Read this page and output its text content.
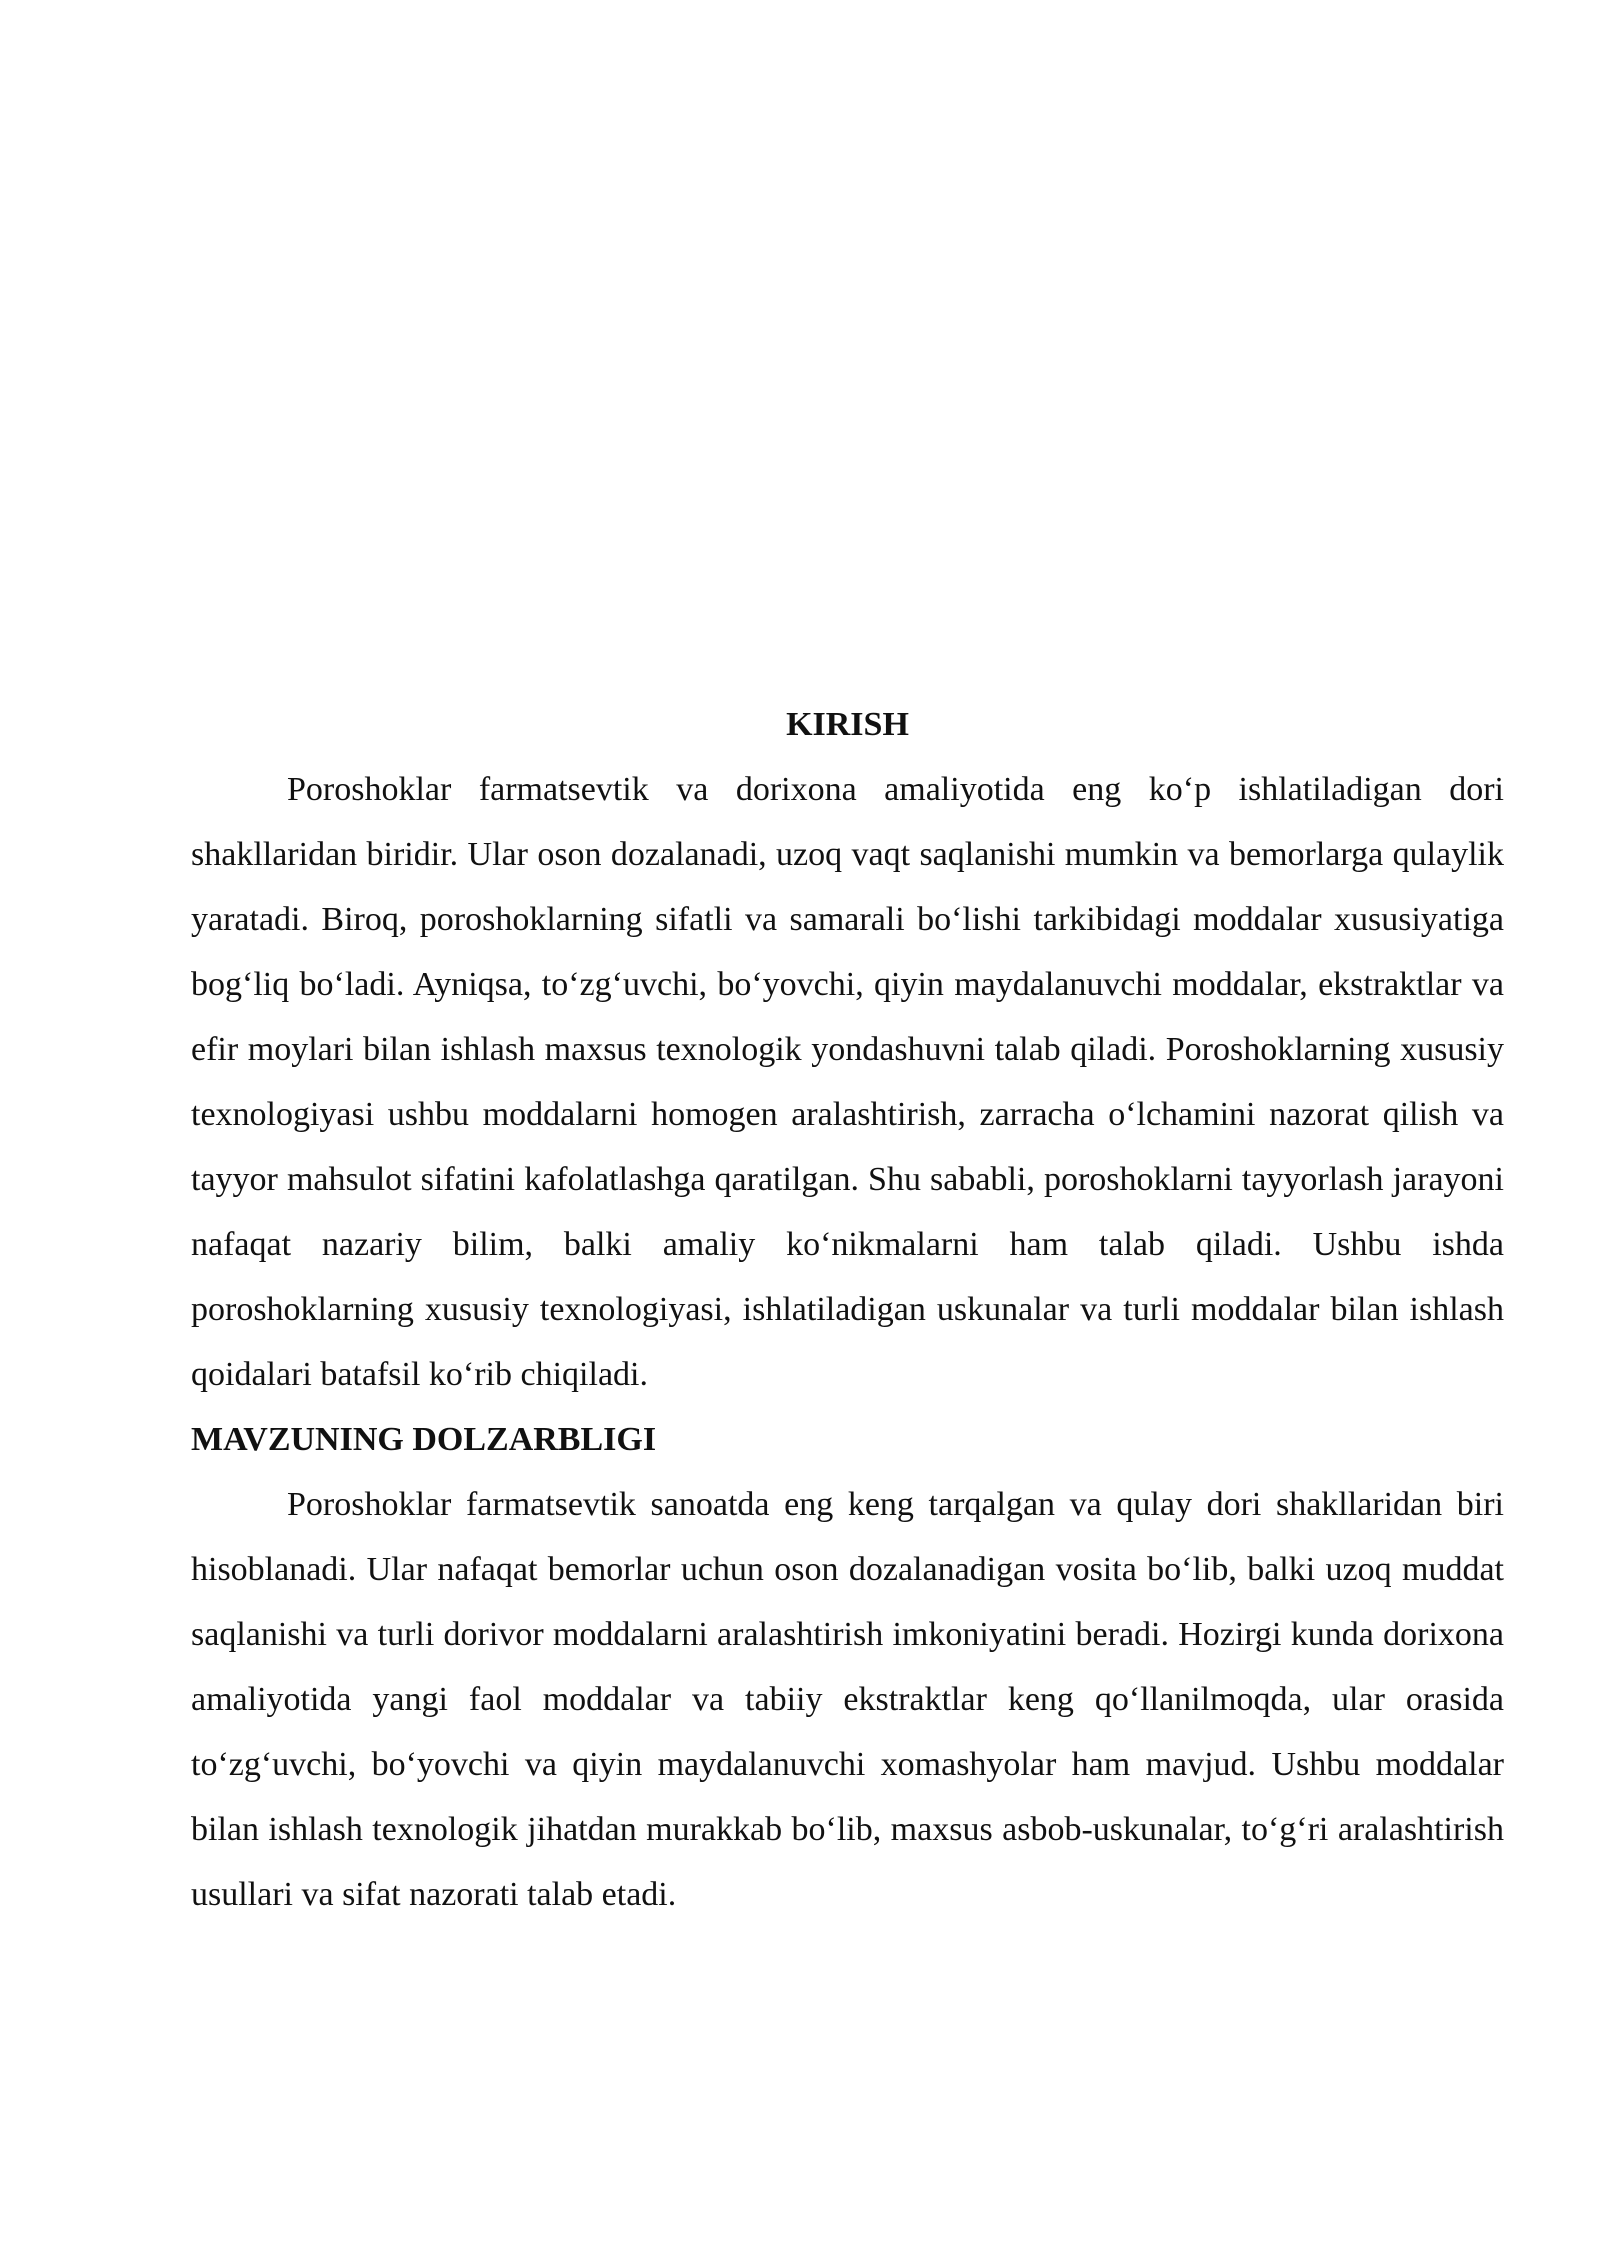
KIRISH

Poroshoklar farmatsevtik va dorixona amaliyotida eng ko‘p ishlatiladigan dori shakllaridan biridir. Ular oson dozalanadi, uzoq vaqt saqlanishi mumkin va bemorlarga qulaylik yaratadi. Biroq, poroshoklarning sifatli va samarali bo‘lishi tarkibidagi moddalar xususiyatiga bog‘liq bo‘ladi. Ayniqsa, to‘zg‘uvchi, bo‘yovchi, qiyin maydalanuvchi moddalar, ekstraktlar va efir moylari bilan ishlash maxsus texnologik yondashuvni talab qiladi. Poroshoklarning xususiy texnologiyasi ushbu moddalarni homogen aralashtirish, zarracha o‘lchamini nazorat qilish va tayyor mahsulot sifatini kafolatlashga qaratilgan. Shu sababli, poroshoklarni tayyorlash jarayoni nafaqat nazariy bilim, balki amaliy ko‘nikmalarni ham talab qiladi. Ushbu ishda poroshoklarning xususiy texnologiyasi, ishlatiladigan uskunalar va turli moddalar bilan ishlash qoidalari batafsil ko‘rib chiqiladi.

MAVZUNING DOLZARBLIGI

Poroshoklar farmatsevtik sanoatda eng keng tarqalgan va qulay dori shakllaridan biri hisoblanadi. Ular nafaqat bemorlar uchun oson dozalanadigan vosita bo‘lib, balki uzoq muddat saqlanishi va turli dorivor moddalarni aralashtirish imkoniyatini beradi. Hozirgi kunda dorixona amaliyotida yangi faol moddalar va tabiiy ekstraktlar keng qo‘llanilmoqda, ular orasida to‘zg‘uvchi, bo‘yovchi va qiyin maydalanuvchi xomashyolar ham mavjud. Ushbu moddalar bilan ishlash texnologik jihatdan murakkab bo‘lib, maxsus asbob-uskunalar, to‘g‘ri aralashtirish usullari va sifat nazorati talab etadi.
